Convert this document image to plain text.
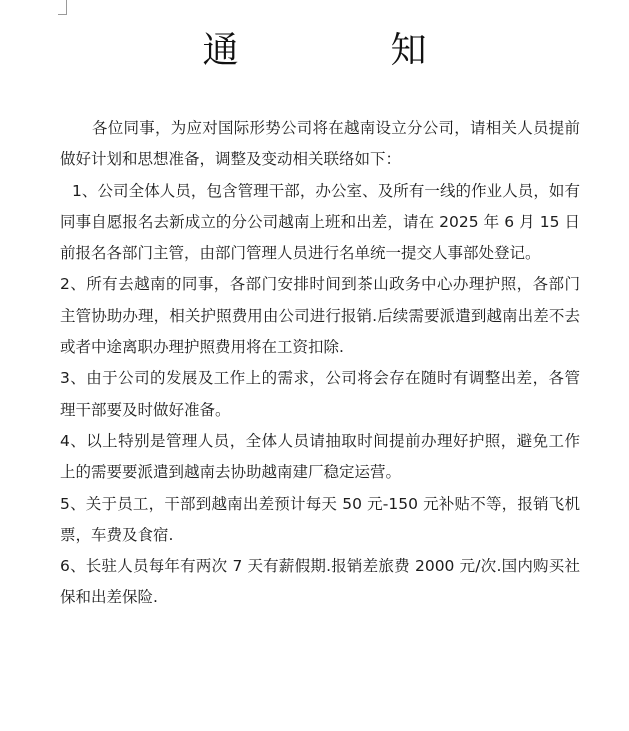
通　知

各位同事，为应对国际形势公司将在越南设立分公司，请相关人员提前做好计划和思想准备，调整及变动相关联络如下：

1、公司全体人员，包含管理干部，办公室、及所有一线的作业人员，如有同事自愿报名去新成立的分公司越南上班和出差，请在 2025 年 6 月 15 日前报名各部门主管，由部门管理人员进行名单统一提交人事部处登记。

2、所有去越南的同事，各部门安排时间到茶山政务中心办理护照，各部门主管协助办理，相关护照费用由公司进行报销.后续需要派遣到越南出差不去或者中途离职办理护照费用将在工资扣除.

3、由于公司的发展及工作上的需求，公司将会存在随时有调整出差，各管理干部要及时做好准备。

4、以上特别是管理人员，全体人员请抽取时间提前办理好护照，避免工作上的需要要派遣到越南去协助越南建厂稳定运营。

5、关于员工，干部到越南出差预计每天 50 元-150 元补贴不等，报销飞机票，车费及食宿.

6、长驻人员每年有两次 7 天有薪假期.报销差旅费 2000 元/次.国内购买社保和出差保险.
